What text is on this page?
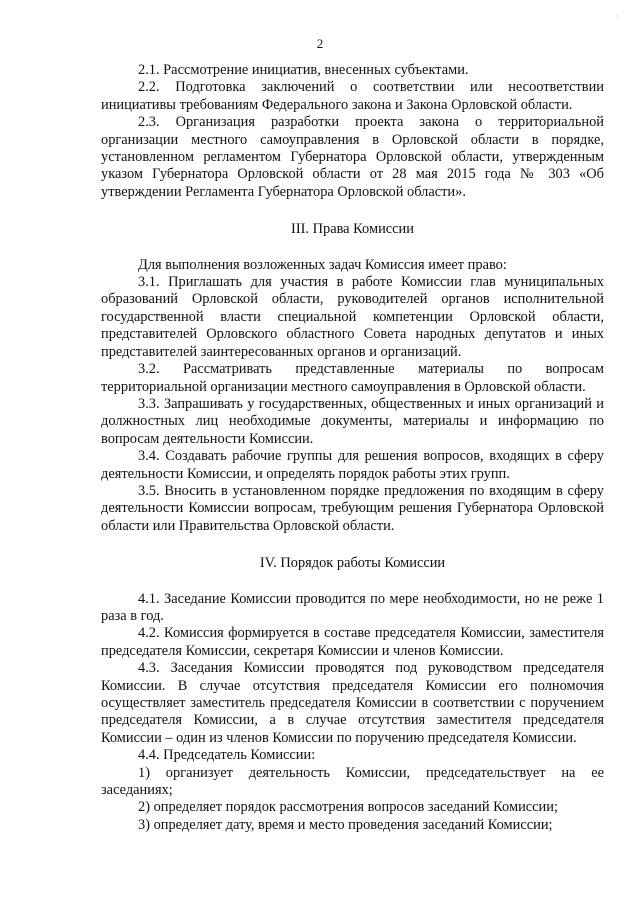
·
2

2.1. Рассмотрение инициатив, внесенных субъектами.

2.2. Подготовка заключений о соответствии или несоответствии инициативы требованиям Федерального закона и Закона Орловской области.

2.3. Организация разработки проекта закона о территориальной организации местного самоуправления в Орловской области в порядке, установленном регламентом Губернатора Орловской области, утвержденным указом Губернатора Орловской области от 28 мая 2015 года № 303 «Об утверждении Регламента Губернатора Орловской области».

III. Права Комиссии

Для выполнения возложенных задач Комиссия имеет право:

3.1. Приглашать для участия в работе Комиссии глав муниципальных образований Орловской области, руководителей органов исполнительной государственной власти специальной компетенции Орловской области, представителей Орловского областного Совета народных депутатов и иных представителей заинтересованных органов и организаций.

3.2. Рассматривать представленные материалы по вопросам территориальной организации местного самоуправления в Орловской области.

3.3. Запрашивать у государственных, общественных и иных организаций и должностных лиц необходимые документы, материалы и информацию по вопросам деятельности Комиссии.

3.4. Создавать рабочие группы для решения вопросов, входящих в сферу деятельности Комиссии, и определять порядок работы этих групп.

3.5. Вносить в установленном порядке предложения по входящим в сферу деятельности Комиссии вопросам, требующим решения Губернатора Орловской области или Правительства Орловской области.

IV. Порядок работы Комиссии

4.1. Заседание Комиссии проводится по мере необходимости, но не реже 1 раза в год.

4.2. Комиссия формируется в составе председателя Комиссии, заместителя председателя Комиссии, секретаря Комиссии и членов Комиссии.

4.3. Заседания Комиссии проводятся под руководством председателя Комиссии. В случае отсутствия председателя Комиссии его полномочия осуществляет заместитель председателя Комиссии в соответствии с поручением председателя Комиссии, а в случае отсутствия заместителя председателя Комиссии – один из членов Комиссии по поручению председателя Комиссии.

4.4. Председатель Комиссии:

1) организует деятельность Комиссии, председательствует на ее заседаниях;

2) определяет порядок рассмотрения вопросов заседаний Комиссии;

3) определяет дату, время и место проведения заседаний Комиссии;
